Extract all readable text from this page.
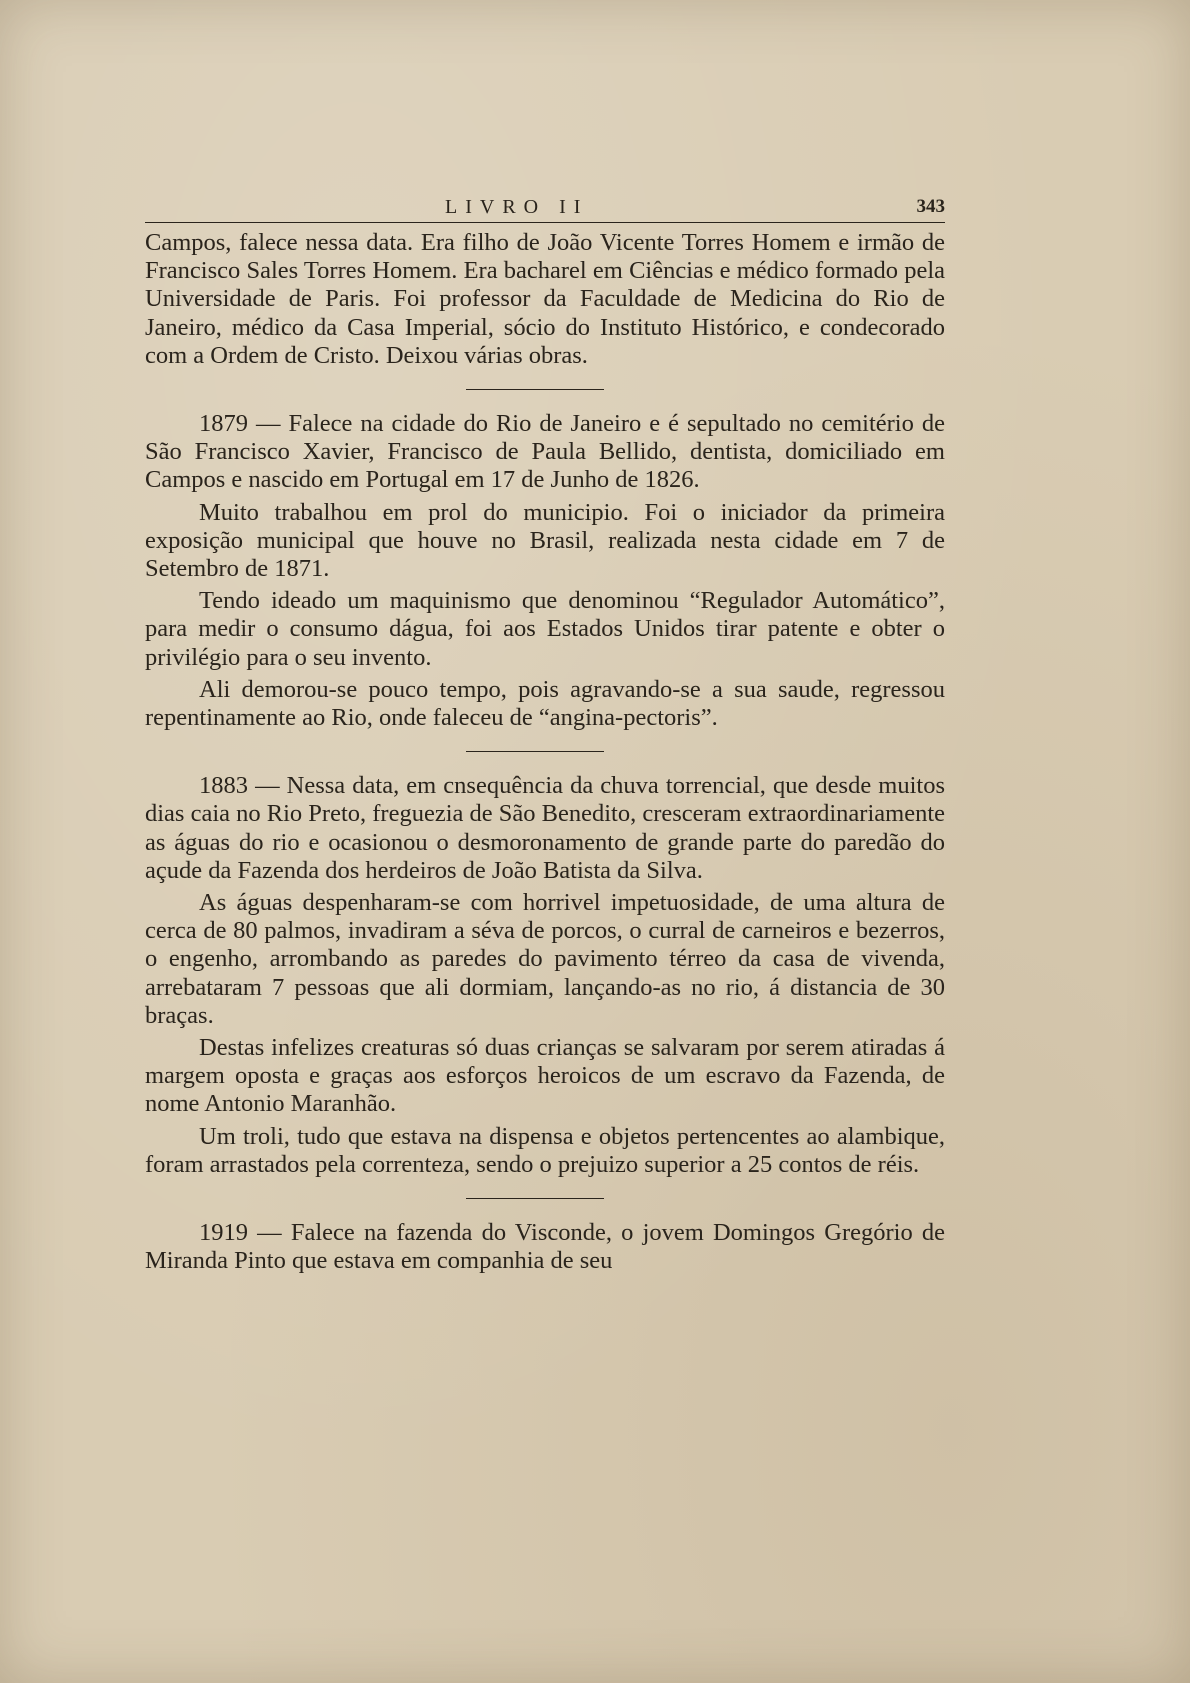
LIVRO II	343

Campos, falece nessa data. Era filho de João Vicente Torres Homem e irmão de Francisco Sales Torres Homem. Era bacharel em Ciências e médico formado pela Universidade de Paris. Foi professor da Faculdade de Medicina do Rio de Janeiro, médico da Casa Imperial, sócio do Instituto Histórico, e condecorado com a Ordem de Cristo. Deixou várias obras.

1879 — Falece na cidade do Rio de Janeiro e é sepultado no cemitério de São Francisco Xavier, Francisco de Paula Bellido, dentista, domiciliado em Campos e nascido em Portugal em 17 de Junho de 1826.

Muito trabalhou em prol do municipio. Foi o iniciador da primeira exposição municipal que houve no Brasil, realizada nesta cidade em 7 de Setembro de 1871.

Tendo ideado um maquinismo que denominou “Regulador Automático”, para medir o consumo dágua, foi aos Estados Unidos tirar patente e obter o privilégio para o seu invento.

Ali demorou-se pouco tempo, pois agravando-se a sua saude, regressou repentinamente ao Rio, onde faleceu de “angina-pectoris”.

1883 — Nessa data, em cnsequência da chuva torrencial, que desde muitos dias caia no Rio Preto, freguezia de São Benedito, cresceram extraordinariamente as águas do rio e ocasionou o desmoronamento de grande parte do paredão do açude da Fazenda dos herdeiros de João Batista da Silva.

As águas despenharam-se com horrivel impetuosidade, de uma altura de cerca de 80 palmos, invadiram a séva de porcos, o curral de carneiros e bezerros, o engenho, arrombando as paredes do pavimento térreo da casa de vivenda, arrebataram 7 pessoas que ali dormiam, lançando-as no rio, á distancia de 30 braças.

Destas infelizes creaturas só duas crianças se salvaram por serem atiradas á margem oposta e graças aos esforços heroicos de um escravo da Fazenda, de nome Antonio Maranhão.

Um troli, tudo que estava na dispensa e objetos pertencentes ao alambique, foram arrastados pela correnteza, sendo o prejuizo superior a 25 contos de réis.

1919 — Falece na fazenda do Visconde, o jovem Domingos Gregório de Miranda Pinto que estava em companhia de seu
